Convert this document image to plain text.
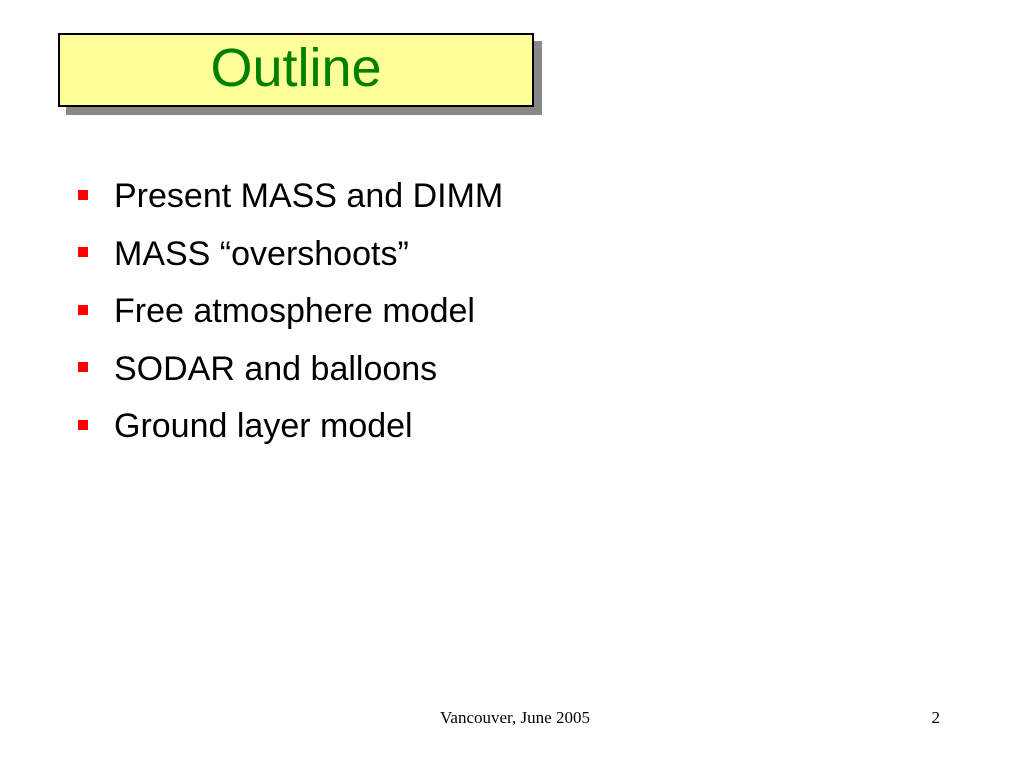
Outline
Present MASS and DIMM
MASS “overshoots”
Free atmosphere model
SODAR and balloons
Ground layer model
Vancouver, June 2005	2
